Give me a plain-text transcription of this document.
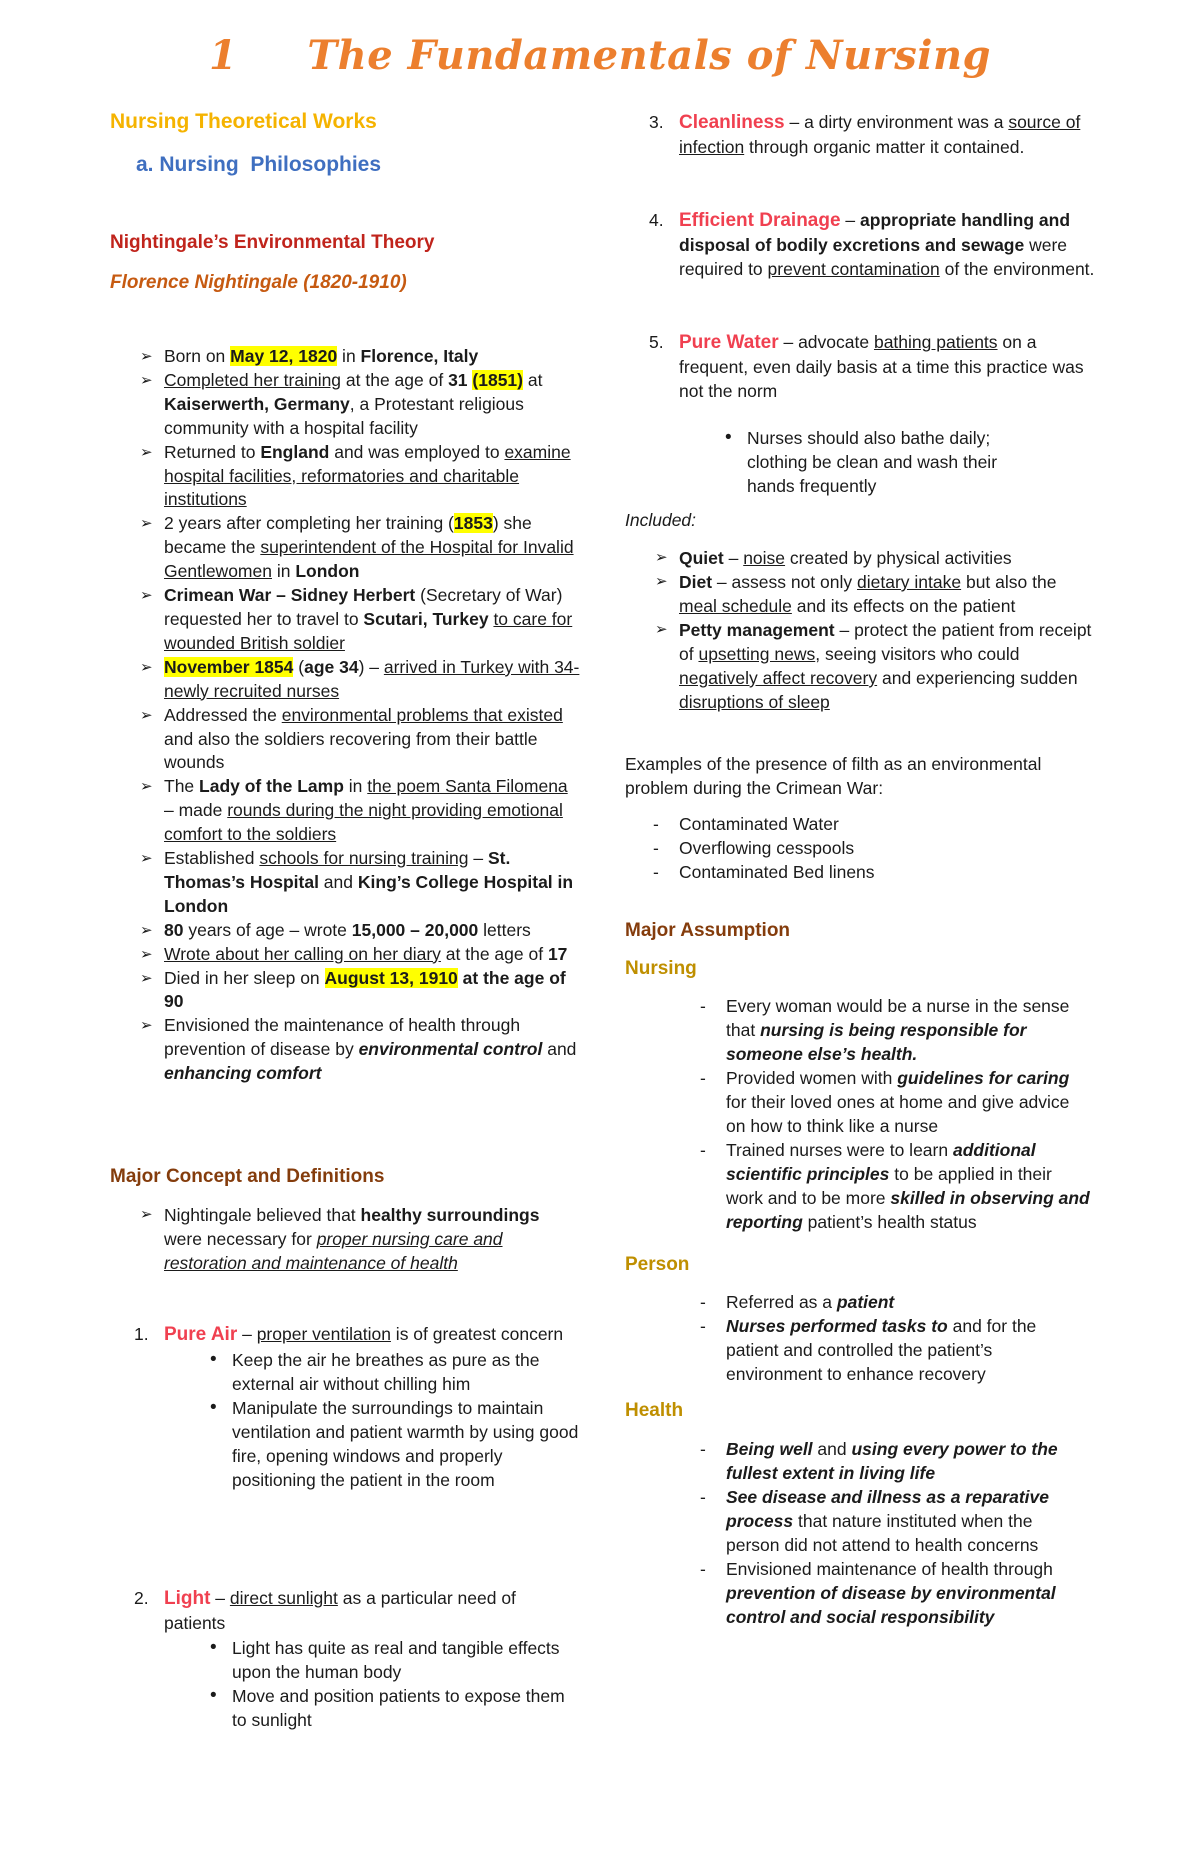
1 The Fundamentals of Nursing
Nursing Theoretical Works
a. Nursing  Philosophies
Nightingale’s Environmental Theory
Florence Nightingale (1820-1910)
➢ Born on May 12, 1820 in Florence, Italy
➢ Completed her training at the age of 31 (1851) at Kaiserwerth, Germany, a Protestant religious community with a hospital facility
➢ Returned to England and was employed to examine hospital facilities, reformatories and charitable institutions
➢ 2 years after completing her training (1853) she became the superintendent of the Hospital for Invalid Gentlewomen in London
➢ Crimean War – Sidney Herbert (Secretary of War) requested her to travel to Scutari, Turkey to care for wounded British soldier
➢ November 1854 (age 34) – arrived in Turkey with 34-newly recruited nurses
➢ Addressed the environmental problems that existed and also the soldiers recovering from their battle wounds
➢ The Lady of the Lamp in the poem Santa Filomena – made rounds during the night providing emotional comfort to the soldiers
➢ Established schools for nursing training – St. Thomas’s Hospital and King’s College Hospital in London
➢ 80 years of age – wrote 15,000 – 20,000 letters
➢ Wrote about her calling on her diary at the age of 17
➢ Died in her sleep on August 13, 1910 at the age of 90
➢ Envisioned the maintenance of health through prevention of disease by environmental control and enhancing comfort
Major Concept and Definitions
➢ Nightingale believed that healthy surroundings were necessary for proper nursing care and restoration and maintenance of health
1. Pure Air – proper ventilation is of greatest concern
• Keep the air he breathes as pure as the external air without chilling him
• Manipulate the surroundings to maintain ventilation and patient warmth by using good fire, opening windows and properly positioning the patient in the room
2. Light – direct sunlight as a particular need of patients
• Light has quite as real and tangible effects upon the human body
• Move and position patients to expose them to sunlight
3. Cleanliness – a dirty environment was a source of infection through organic matter it contained.
4. Efficient Drainage – appropriate handling and disposal of bodily excretions and sewage were required to prevent contamination of the environment.
5. Pure Water – advocate bathing patients on a frequent, even daily basis at a time this practice was not the norm
• Nurses should also bathe daily; clothing be clean and wash their hands frequently
Included:
➢ Quiet – noise created by physical activities
➢ Diet – assess not only dietary intake but also the meal schedule and its effects on the patient
➢ Petty management – protect the patient from receipt of upsetting news, seeing visitors who could negatively affect recovery and experiencing sudden disruptions of sleep
Examples of the presence of filth as an environmental problem during the Crimean War:
- Contaminated Water
- Overflowing cesspools
- Contaminated Bed linens
Major Assumption
Nursing
- Every woman would be a nurse in the sense that nursing is being responsible for someone else’s health.
- Provided women with guidelines for caring for their loved ones at home and give advice on how to think like a nurse
- Trained nurses were to learn additional scientific principles to be applied in their work and to be more skilled in observing and reporting patient’s health status
Person
- Referred as a patient
- Nurses performed tasks to and for the patient and controlled the patient’s environment to enhance recovery
Health
- Being well and using every power to the fullest extent in living life
- See disease and illness as a reparative process that nature instituted when the person did not attend to health concerns
- Envisioned maintenance of health through prevention of disease by environmental control and social responsibility
